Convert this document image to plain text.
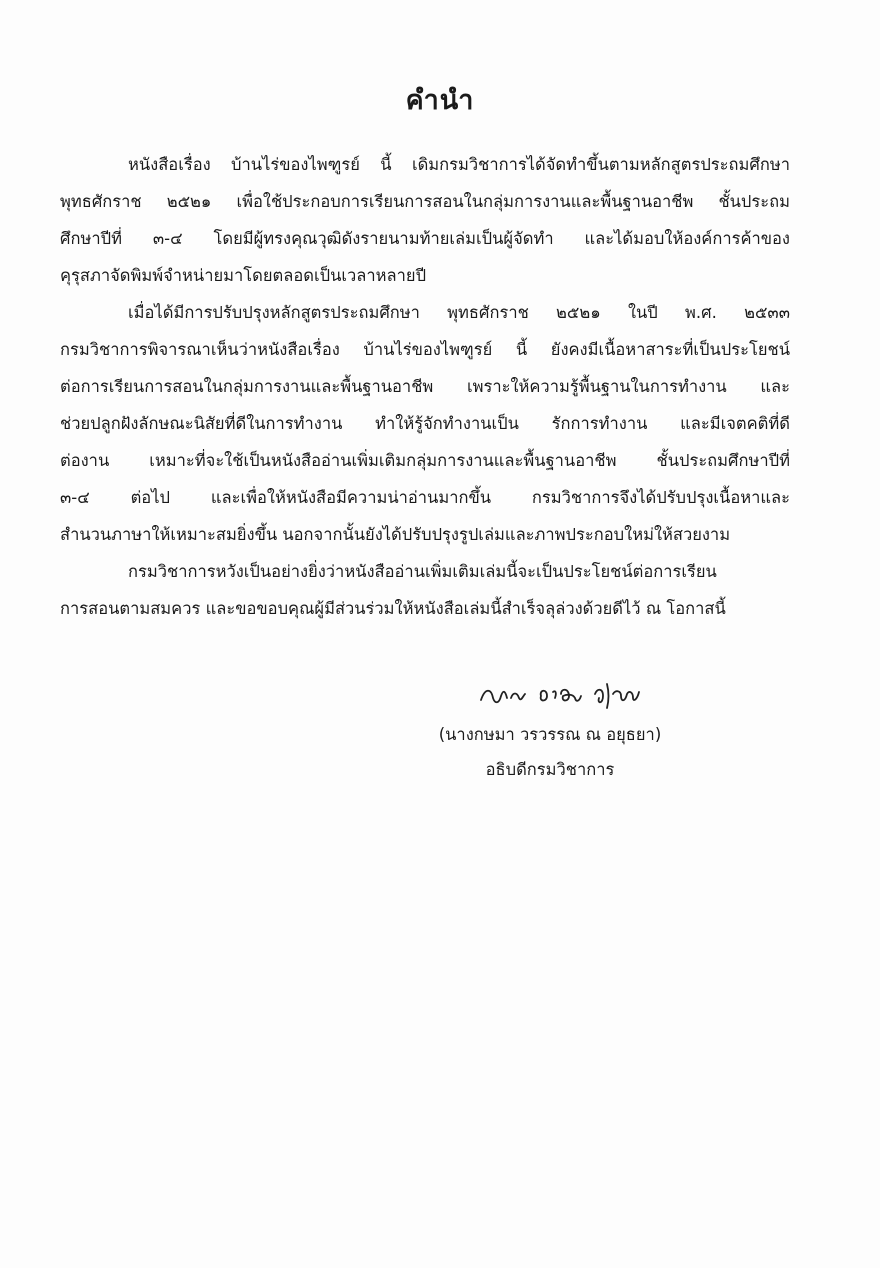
คำนำ
หนังสือเรื่อง บ้านไร่ของไพฑูรย์ นี้ เดิมกรมวิชาการได้จัดทำขึ้นตามหลักสูตรประถมศึกษา
พุทธศักราช ๒๕๒๑ เพื่อใช้ประกอบการเรียนการสอนในกลุ่มการงานและพื้นฐานอาชีพ ชั้นประถม
ศึกษาปีที่ ๓-๔ โดยมีผู้ทรงคุณวุฒิดังรายนามท้ายเล่มเป็นผู้จัดทำ และได้มอบให้องค์การค้าของ
คุรุสภาจัดพิมพ์จำหน่ายมาโดยตลอดเป็นเวลาหลายปี
เมื่อได้มีการปรับปรุงหลักสูตรประถมศึกษา พุทธศักราช ๒๕๒๑ ในปี พ.ศ. ๒๕๓๓
กรมวิชาการพิจารณาเห็นว่าหนังสือเรื่อง บ้านไร่ของไพฑูรย์ นี้ ยังคงมีเนื้อหาสาระที่เป็นประโยชน์
ต่อการเรียนการสอนในกลุ่มการงานและพื้นฐานอาชีพ เพราะให้ความรู้พื้นฐานในการทำงาน และ
ช่วยปลูกฝังลักษณะนิสัยที่ดีในการทำงาน ทำให้รู้จักทำงานเป็น รักการทำงาน และมีเจตคติที่ดี
ต่องาน เหมาะที่จะใช้เป็นหนังสืออ่านเพิ่มเติมกลุ่มการงานและพื้นฐานอาชีพ ชั้นประถมศึกษาปีที่
๓-๔ ต่อไป และเพื่อให้หนังสือมีความน่าอ่านมากขึ้น กรมวิชาการจึงได้ปรับปรุงเนื้อหาและ
สำนวนภาษาให้เหมาะสมยิ่งขึ้น นอกจากนั้นยังได้ปรับปรุงรูปเล่มและภาพประกอบใหม่ให้สวยงาม
กรมวิชาการหวังเป็นอย่างยิ่งว่าหนังสืออ่านเพิ่มเติมเล่มนี้จะเป็นประโยชน์ต่อการเรียน
การสอนตามสมควร และขอขอบคุณผู้มีส่วนร่วมให้หนังสือเล่มนี้สำเร็จลุล่วงด้วยดีไว้ ณ โอกาสนี้
(นางกษมา วรวรรณ ณ อยุธยา)
อธิบดีกรมวิชาการ
